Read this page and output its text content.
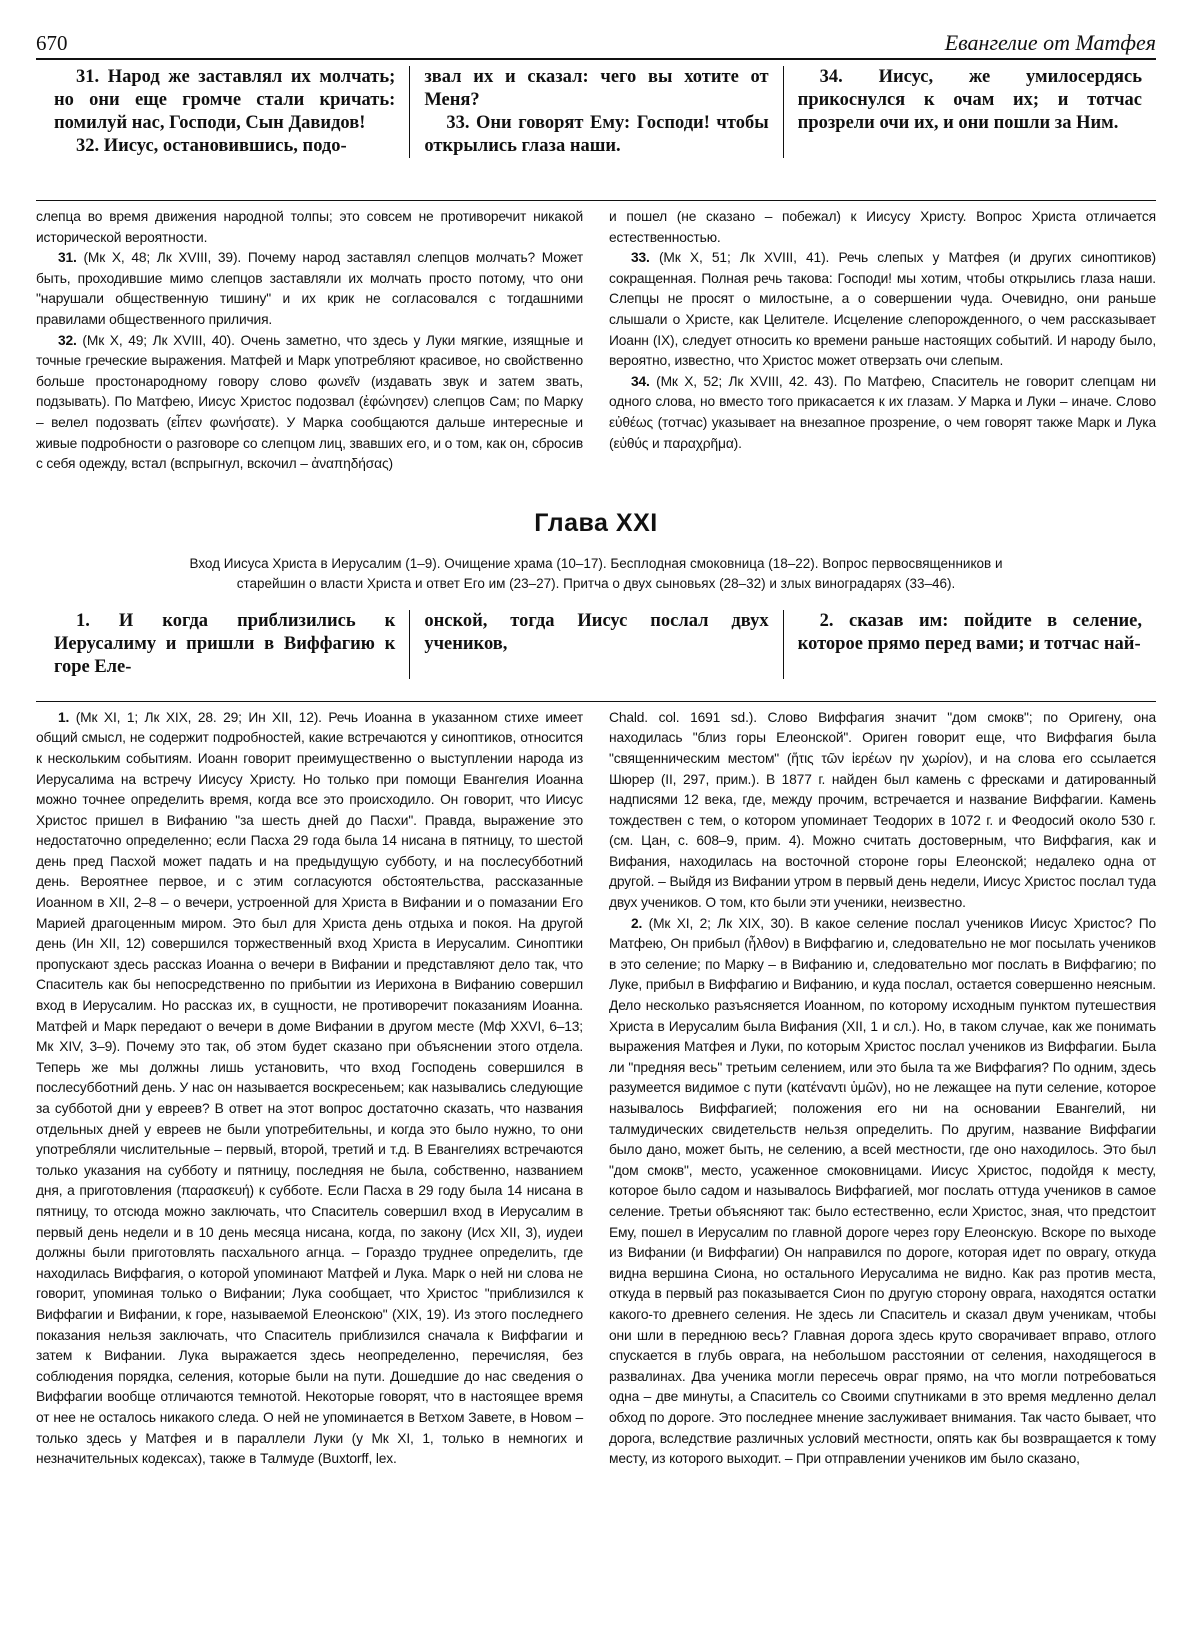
670	Евангелие от Матфея

31. Народ же заставлял их молчать; но они еще громче стали кричать: помилуй нас, Господи, Сын Давидов!

32. Иисус, остановившись, подо-

звал их и сказал: чего вы хотите от Меня?

33. Они говорят Ему: Господи! чтобы открылись глаза наши.

34. Иисус, же умилосердясь прикоснулся к очам их; и тотчас прозрели очи их, и они пошли за Ним.

слепца во время движения народной толпы; это совсем не противоречит никакой исторической вероятности.

31. (Мк X, 48; Лк XVIII, 39). Почему народ заставлял слепцов молчать? Может быть, проходившие мимо слепцов заставляли их молчать просто потому, что они "нарушали общественную тишину" и их крик не согласовался с тогдашними правилами общественного приличия.

32. (Мк X, 49; Лк XVIII, 40). Очень заметно, что здесь у Луки мягкие, изящные и точные греческие выражения. Матфей и Марк употребляют красивое, но свойственно больше простонародному говору слово φωνεῖν (издавать звук и затем звать, подзывать). По Матфею, Иисус Христос подозвал (ἐφώνησεν) слепцов Сам; по Марку – велел подозвать (εἶπεν φωνήσατε). У Марка сообщаются дальше интересные и живые подробности о разговоре со слепцом лиц, звавших его, и о том, как он, сбросив с себя одежду, встал (вспрыгнул, вскочил – ἀναπηδήσας)

и пошел (не сказано – побежал) к Иисусу Христу. Вопрос Христа отличается естественностью.

33. (Мк X, 51; Лк XVIII, 41). Речь слепых у Матфея (и других синоптиков) сокращенная. Полная речь такова: Господи! мы хотим, чтобы открылись глаза наши. Слепцы не просят о милостыне, а о совершении чуда. Очевидно, они раньше слышали о Христе, как Целителе. Исцеление слепорожденного, о чем рассказывает Иоанн (IX), следует относить ко времени раньше настоящих событий. И народу было, вероятно, известно, что Христос может отверзать очи слепым.

34. (Мк X, 52; Лк XVIII, 42. 43). По Матфею, Спаситель не говорит слепцам ни одного слова, но вместо того прикасается к их глазам. У Марка и Луки – иначе. Слово εὐθέως (тотчас) указывает на внезапное прозрение, о чем говорят также Марк и Лука (εὐθύς и παραχρῆμα).

Глава XXI
Вход Иисуса Христа в Иерусалим (1–9). Очищение храма (10–17). Бесплодная смоковница (18–22). Вопрос первосвященников и старейшин о власти Христа и ответ Его им (23–27). Притча о двух сыновьях (28–32) и злых виноградарях (33–46).

1. И когда приблизились к Иерусалиму и пришли в Виффагию к горе Еле-

онской, тогда Иисус послал двух учеников,

2. сказав им: пойдите в селение, которое прямо перед вами; и тотчас най-

1. (Мк XI, 1; Лк XIX, 28. 29; Ин XII, 12). Речь Иоанна в указанном стихе имеет общий смысл, не содержит подробностей, какие встречаются у синоптиков, относится к нескольким событиям. Иоанн говорит преимущественно о выступлении народа из Иерусалима на встречу Иисусу Христу. Но только при помощи Евангелия Иоанна можно точнее определить время, когда все это происходило. Он говорит, что Иисус Христос пришел в Вифанию "за шесть дней до Пасхи". Правда, выражение это недостаточно определенно; если Пасха 29 года была 14 нисана в пятницу, то шестой день пред Пасхой может падать и на предыдущую субботу, и на послесубботний день. Вероятнее первое, и с этим согласуются обстоятельства, рассказанные Иоанном в XII, 2–8 – о вечери, устроенной для Христа в Вифании и о помазании Его Марией драгоценным миром. Это был для Христа день отдыха и покоя. На другой день (Ин XII, 12) совершился торжественный вход Христа в Иерусалим. Синоптики пропускают здесь рассказ Иоанна о вечери в Вифании и представляют дело так, что Спаситель как бы непосредственно по прибытии из Иерихона в Вифанию совершил вход в Иерусалим. Но рассказ их, в сущности, не противоречит показаниям Иоанна. Матфей и Марк передают о вечери в доме Вифании в другом месте (Мф XXVI, 6–13; Мк XIV, 3–9). Почему это так, об этом будет сказано при объяснении этого отдела. Теперь же мы должны лишь установить, что вход Господень совершился в послесубботний день. У нас он называется воскресеньем; как назывались следующие за субботой дни у евреев? В ответ на этот вопрос достаточно сказать, что названия отдельных дней у евреев не были употребительны, и когда это было нужно, то они употребляли числительные – первый, второй, третий и т.д. В Евангелиях встречаются только указания на субботу и пятницу, последняя не была, собственно, названием дня, а приготовления (παρασκευή) к субботе. Если Пасха в 29 году была 14 нисана в пятницу, то отсюда можно заключать, что Спаситель совершил вход в Иерусалим в первый день недели и в 10 день месяца нисана, когда, по закону (Исх XII, 3), иудеи должны были приготовлять пасхального агнца. – Гораздо труднее определить, где находилась Виффагия, о которой упоминают Матфей и Лука. Марк о ней ни слова не говорит, упоминая только о Вифании; Лука сообщает, что Христос "приблизился к Виффагии и Вифании, к горе, называемой Елеонскою" (XIX, 19). Из этого последнего показания нельзя заключать, что Спаситель приблизился сначала к Виффагии и затем к Вифании. Лука выражается здесь неопределенно, перечисляя, без соблюдения порядка, селения, которые были на пути. Дошедшие до нас сведения о Виффагии вообще отличаются темнотой. Некоторые говорят, что в настоящее время от нее не осталось никакого следа. О ней не упоминается в Ветхом Завете, в Новом – только здесь у Матфея и в параллели Луки (у Мк XI, 1, только в немногих и незначительных кодексах), также в Талмуде (Buxtorff, lex.

Chald. col. 1691 sd.). Слово Виффагия значит "дом смокв"; по Оригену, она находилась "близ горы Елеонской". Ориген говорит еще, что Виффагия была "священническим местом" (ἥτις τῶν ἱερέων ην χωρίον), и на слова его ссылается Шюрер (II, 297, прим.). В 1877 г. найден был камень с фресками и датированный надписями 12 века, где, между прочим, встречается и название Виффагии. Камень тождествен с тем, о котором упоминает Теодорих в 1072 г. и Феодосий около 530 г. (см. Цан, с. 608–9, прим. 4). Можно считать достоверным, что Виффагия, как и Вифания, находилась на восточной стороне горы Елеонской; недалеко одна от другой. – Выйдя из Вифании утром в первый день недели, Иисус Христос послал туда двух учеников. О том, кто были эти ученики, неизвестно.

2. (Мк XI, 2; Лк XIX, 30). В какое селение послал учеников Иисус Христос? По Матфею, Он прибыл (ἦλθον) в Виффагию и, следовательно не мог посылать учеников в это селение; по Марку – в Вифанию и, следовательно мог послать в Виффагию; по Луке, прибыл в Виффагию и Вифанию, и куда послал, остается совершенно неясным. Дело несколько разъясняется Иоанном, по которому исходным пунктом путешествия Христа в Иерусалим была Вифания (XII, 1 и сл.). Но, в таком случае, как же понимать выражения Матфея и Луки, по которым Христос послал учеников из Виффагии. Была ли "предняя весь" третьим селением, или это была та же Виффагия? По одним, здесь разумеется видимое с пути (κατέναντι ὑμῶν), но не лежащее на пути селение, которое называлось Виффагией; положения его ни на основании Евангелий, ни талмудических свидетельств нельзя определить. По другим, название Виффагии было дано, может быть, не селению, а всей местности, где оно находилось. Это был "дом смокв", место, усаженное смоковницами. Иисус Христос, подойдя к месту, которое было садом и называлось Виффагией, мог послать оттуда учеников в самое селение. Третьи объясняют так: было естественно, если Христос, зная, что предстоит Ему, пошел в Иерусалим по главной дороге через гору Елеонскую. Вскоре по выходе из Вифании (и Виффагии) Он направился по дороге, которая идет по оврагу, откуда видна вершина Сиона, но остального Иерусалима не видно. Как раз против места, откуда в первый раз показывается Сион по другую сторону оврага, находятся остатки какого-то древнего селения. Не здесь ли Спаситель и сказал двум ученикам, чтобы они шли в переднюю весь? Главная дорога здесь круто сворачивает вправо, отлого спускается в глубь оврага, на небольшом расстоянии от селения, находящегося в развалинах. Два ученика могли пересечь овраг прямо, на что могли потребоваться одна – две минуты, а Спаситель со Своими спутниками в это время медленно делал обход по дороге. Это последнее мнение заслуживает внимания. Так часто бывает, что дорога, вследствие различных условий местности, опять как бы возвращается к тому месту, из которого выходит. – При отправлении учеников им было сказано,
